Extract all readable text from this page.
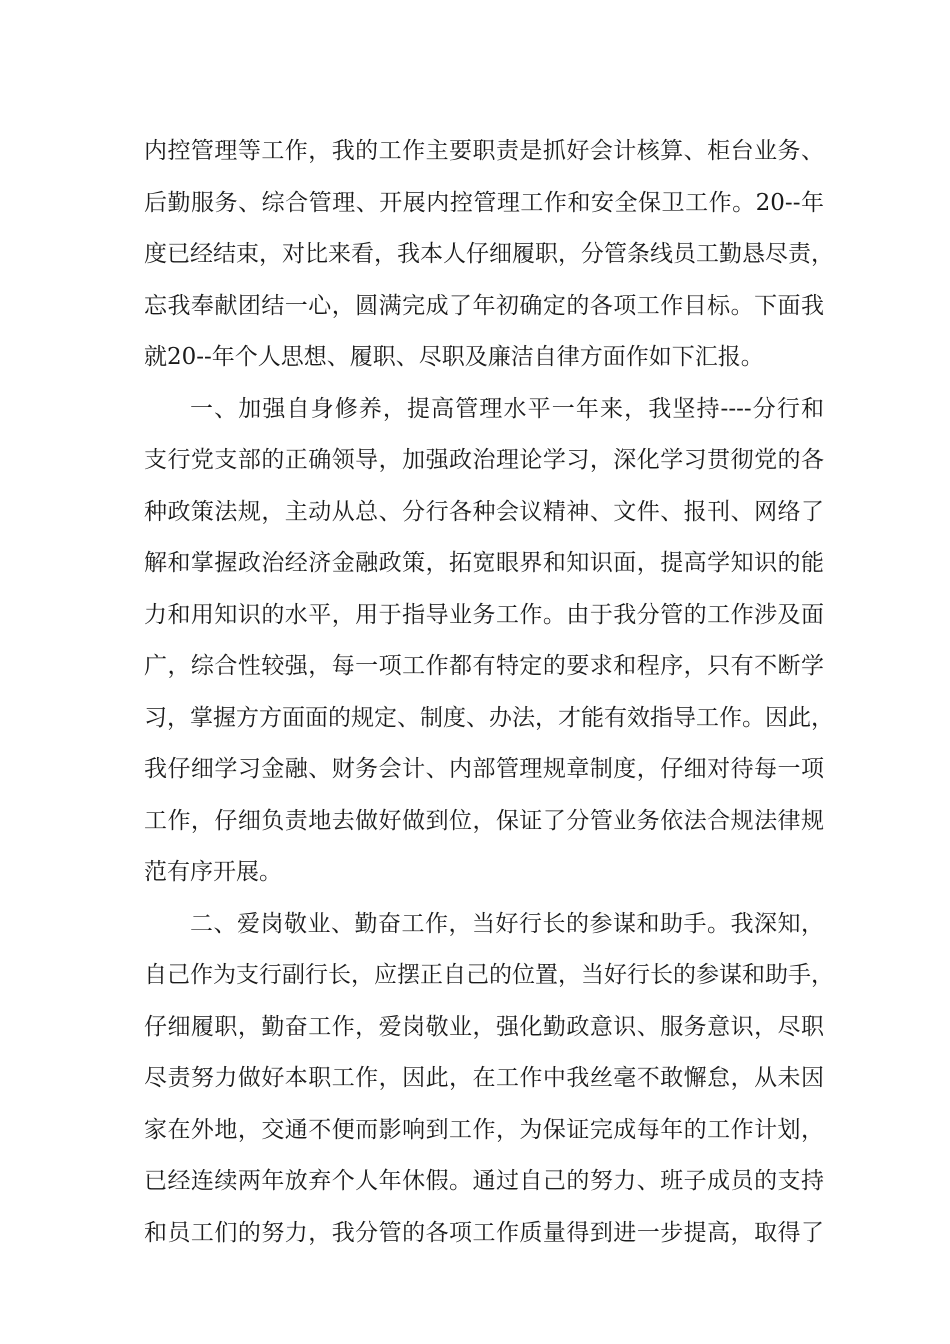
内控管理等工作，我的工作主要职责是抓好会计核算、柜台业务、
后勤服务、综合管理、开展内控管理工作和安全保卫工作。20--年
度已经结束，对比来看，我本人仔细履职，分管条线员工勤恳尽责，
忘我奉献团结一心，圆满完成了年初确定的各项工作目标。下面我
就20--年个人思想、履职、尽职及廉洁自律方面作如下汇报。
一、加强自身修养，提高管理水平一年来，我坚持----分行和
支行党支部的正确领导，加强政治理论学习，深化学习贯彻党的各
种政策法规，主动从总、分行各种会议精神、文件、报刊、网络了
解和掌握政治经济金融政策，拓宽眼界和知识面，提高学知识的能
力和用知识的水平，用于指导业务工作。由于我分管的工作涉及面
广，综合性较强，每一项工作都有特定的要求和程序，只有不断学
习，掌握方方面面的规定、制度、办法，才能有效指导工作。因此，
我仔细学习金融、财务会计、内部管理规章制度，仔细对待每一项
工作，仔细负责地去做好做到位，保证了分管业务依法合规法律规
范有序开展。
二、爱岗敬业、勤奋工作，当好行长的参谋和助手。我深知，
自己作为支行副行长，应摆正自己的位置，当好行长的参谋和助手，
仔细履职，勤奋工作，爱岗敬业，强化勤政意识、服务意识，尽职
尽责努力做好本职工作，因此，在工作中我丝毫不敢懈怠，从未因
家在外地，交通不便而影响到工作，为保证完成每年的工作计划，
已经连续两年放弃个人年休假。通过自己的努力、班子成员的支持
和员工们的努力，我分管的各项工作质量得到进一步提高，取得了
